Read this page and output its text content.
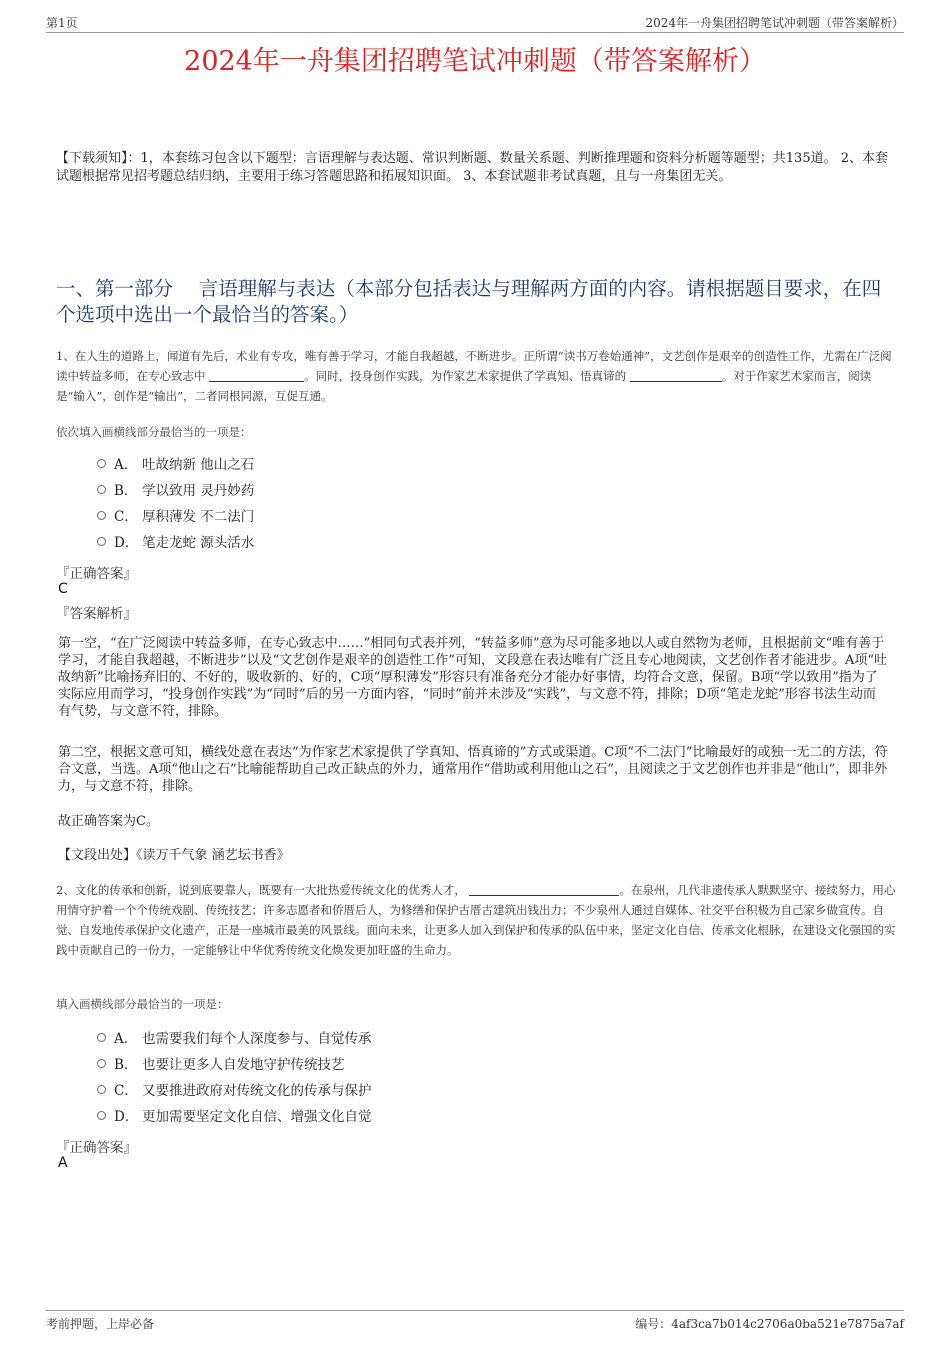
第1页	2024年一舟集团招聘笔试冲刺题（带答案解析）
2024年一舟集团招聘笔试冲刺题（带答案解析）
【下载须知】：1，本套练习包含以下题型：言语理解与表达题、常识判断题、数量关系题、判断推理题和资料分析题等题型；共135道。 2、本套试题根据常见招考题总结归纳，主要用于练习答题思路和拓展知识面。 3、本套试题非考试真题，且与一舟集团无关。
一、第一部分　 言语理解与表达（本部分包括表达与理解两方面的内容。请根据题目要求，在四个选项中选出一个最恰当的答案。）
1、在人生的道路上，闻道有先后，术业有专攻，唯有善于学习，才能自我超越，不断进步。正所谓“读书万卷始通神”，文艺创作是艰辛的创造性工作，尤需在广泛阅读中转益多师，在专心致志中	。同时，投身创作实践，为作家艺术家提供了学真知、悟真谛的	。对于作家艺术家而言，阅读是“输入”，创作是“输出”，二者同根同源，互促互通。
依次填入画横线部分最恰当的一项是：
A． 吐故纳新 他山之石
B． 学以致用 灵丹妙药
C． 厚积薄发 不二法门
D． 笔走龙蛇 源头活水
『正确答案』
C
『答案解析』
第一空，“在广泛阅读中转益多师，在专心致志中……”相同句式表并列，“转益多师”意为尽可能多地以人或自然物为老师，且根据前文“唯有善于学习，才能自我超越，不断进步”以及“文艺创作是艰辛的创造性工作”可知，文段意在表达唯有广泛且专心地阅读，文艺创作者才能进步。A项“吐故纳新”比喻扬弃旧的、不好的，吸收新的、好的，C项“厚积薄发”形容只有准备充分才能办好事情，均符合文意，保留。B项“学以致用”指为了实际应用而学习，“投身创作实践”为“同时”后的另一方面内容，“同时”前并未涉及“实践”，与文意不符，排除；D项“笔走龙蛇”形容书法生动而有气势，与文意不符，排除。
第二空，根据文意可知，横线处意在表达“为作家艺术家提供了学真知、悟真谛的”方式或渠道。C项“不二法门”比喻最好的或独一无二的方法，符合文意，当选。A项“他山之石”比喻能帮助自己改正缺点的外力，通常用作“借助或利用他山之石”，且阅读之于文艺创作也并非是“他山”，即非外力，与文意不符，排除。
故正确答案为C。
【文段出处】《读万千气象 涵艺坛书香》
2、文化的传承和创新，说到底要靠人，既要有一大批热爱传统文化的优秀人才，	。在泉州，几代非遗传承人默默坚守、接续努力，用心用情守护着一个个传统戏剧、传统技艺；许多志愿者和侨厝后人，为修缮和保护古厝古建筑出钱出力；不少泉州人通过自媒体、社交平台积极为自己家乡做宣传。自觉、自发地传承保护文化遗产，正是一座城市最美的风景线。面向未来，让更多人加入到保护和传承的队伍中来，坚定文化自信、传承文化根脉，在建设文化强国的实践中贡献自己的一份力，一定能够让中华优秀传统文化焕发更加旺盛的生命力。
填入画横线部分最恰当的一项是：
A． 也需要我们每个人深度参与、自觉传承
B． 也要让更多人自发地守护传统技艺
C． 又要推进政府对传统文化的传承与保护
D． 更加需要坚定文化自信、增强文化自觉
『正确答案』
A
考前押题，上岸必备	编号：4af3ca7b014c2706a0ba521e7875a7af
